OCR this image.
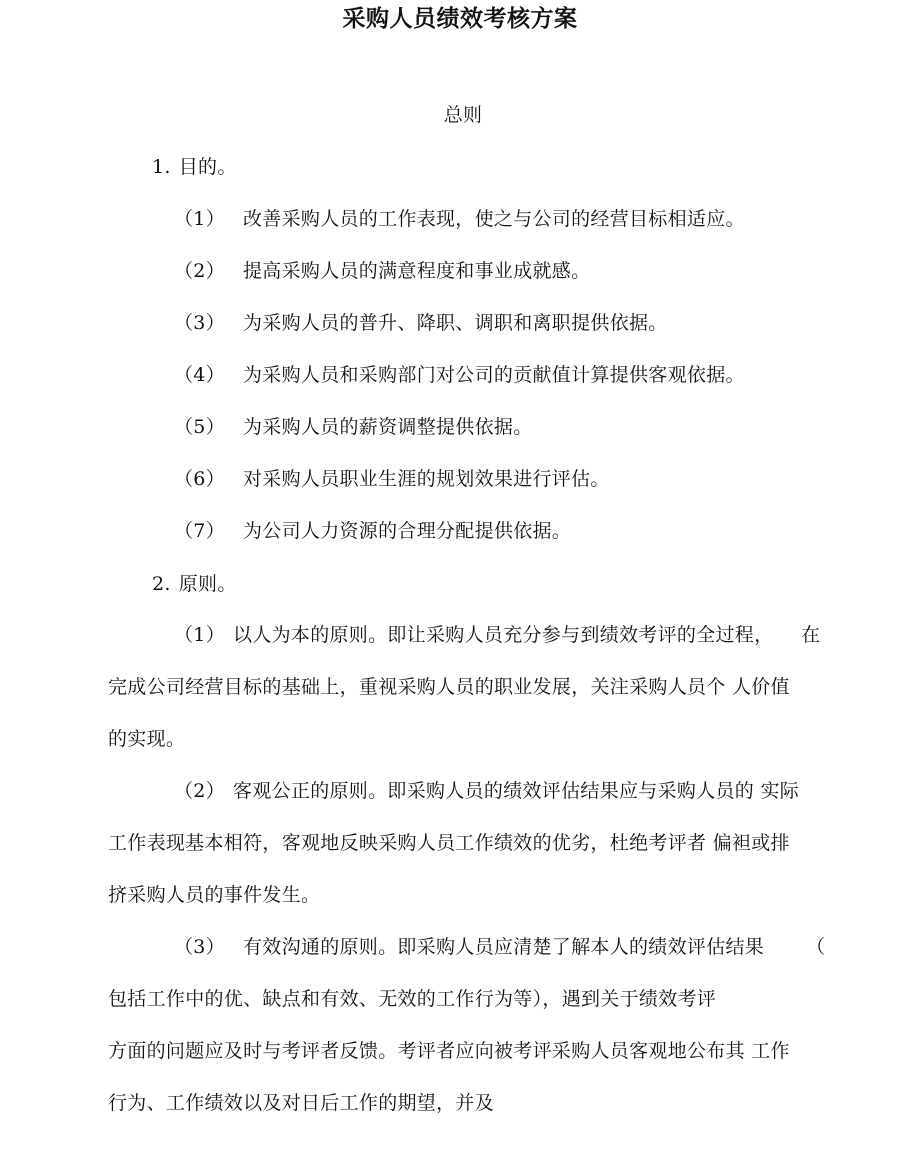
采购人员绩效考核方案
总则
1. 目的。
（1） 改善采购人员的工作表现，使之与公司的经营目标相适应。
（2） 提高采购人员的满意程度和事业成就感。
（3） 为采购人员的普升、降职、调职和离职提供依据。
（4） 为采购人员和采购部门对公司的贡献值计算提供客观依据。
（5） 为采购人员的薪资调整提供依据。
（6） 对采购人员职业生涯的规划效果进行评估。
（7） 为公司人力资源的合理分配提供依据。
2. 原则。
（1） 以人为本的原则。即让采购人员充分参与到绩效考评的全过程， 在
完成公司经营目标的基础上，重视采购人员的职业发展，关注采购人员个 人价值
的实现。
（2） 客观公正的原则。即采购人员的绩效评估结果应与采购人员的 实际
工作表现基本相符，客观地反映采购人员工作绩效的优劣，杜绝考评者 偏袒或排
挤采购人员的事件发生。
（3） 有效沟通的原则。即采购人员应清楚了解本人的绩效评估结果 （
包括工作中的优、缺点和有效、无效的工作行为等），遇到关于绩效考评
方面的问题应及时与考评者反馈。考评者应向被考评采购人员客观地公布其 工作
行为、工作绩效以及对日后工作的期望，并及
